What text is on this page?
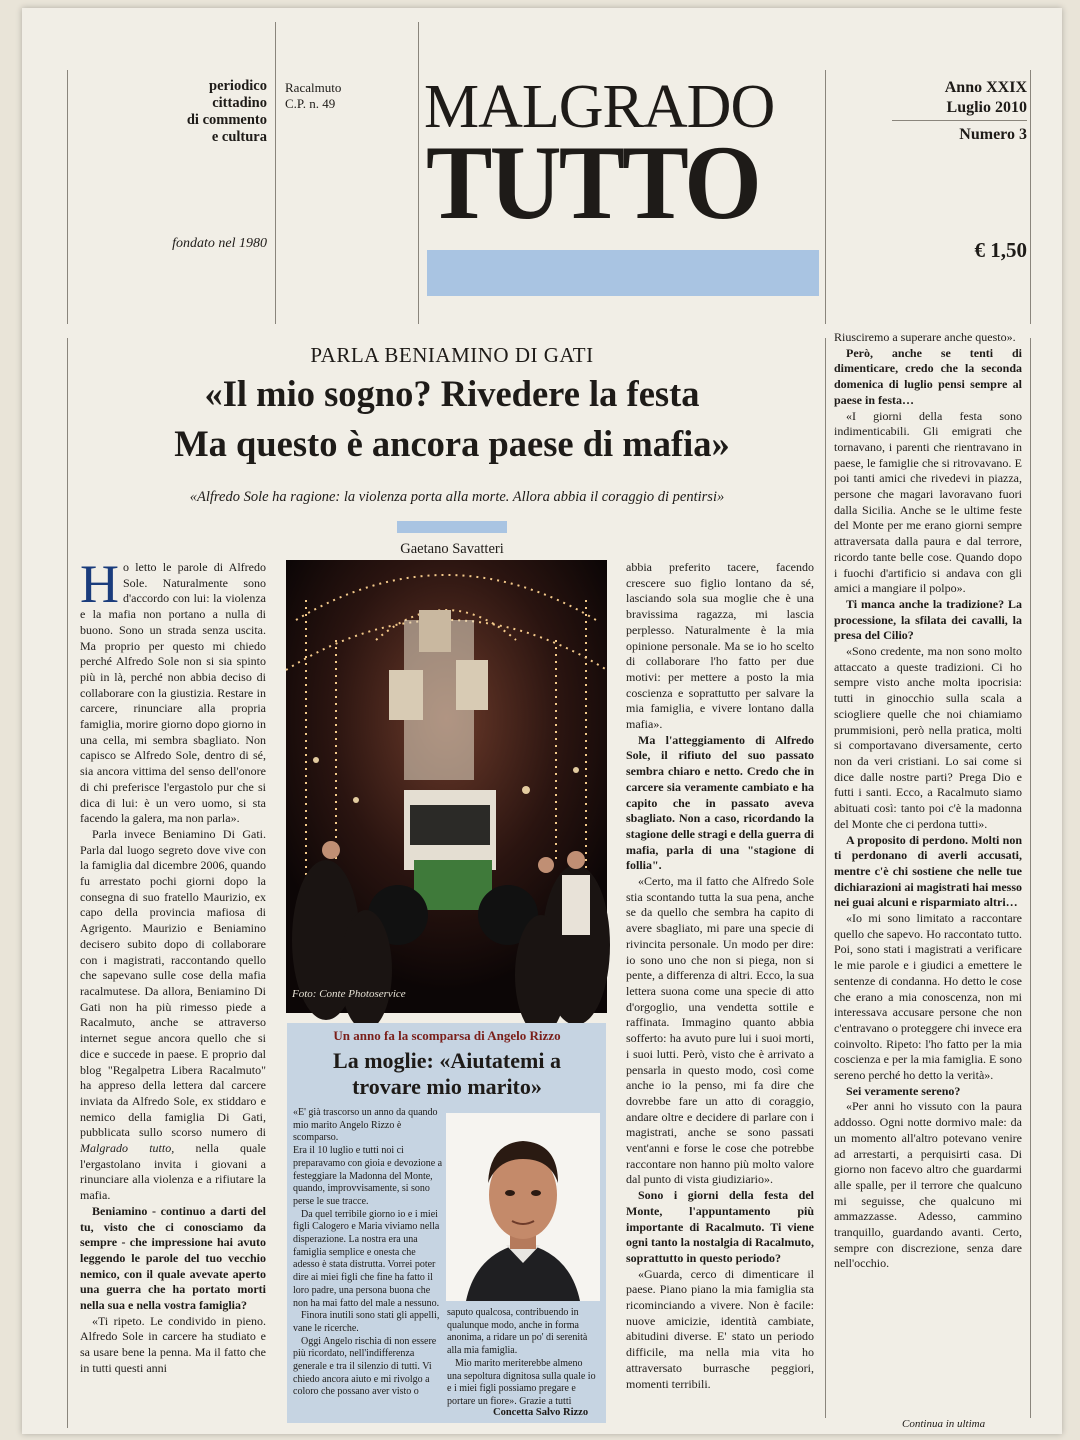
periodico
cittadino
di commento
e cultura
fondato nel 1980
Racalmuto
C.P. n. 49 MALGRADO
TUTTO
Anno XXIX
Luglio 2010
Numero 3
€ 1,50
PARLA BENIAMINO DI GATI
«Il mio sogno? Rivedere la festa
Ma questo è ancora paese di mafia»
«Alfredo Sole ha ragione: la violenza porta alla morte. Allora abbia il coraggio di pentirsi»
Gaetano Savatteri

Ho letto le parole di Alfredo Sole. Naturalmente sono d'accordo con lui: la violenza e la mafia non portano a nulla di buono. Sono un strada senza uscita. Ma proprio per questo mi chiedo perché Alfredo Sole non si sia spinto più in là, perché non abbia deciso di collaborare con la giustizia. Restare in carcere, rinunciare alla propria famiglia, morire giorno dopo giorno in una cella, mi sembra sbagliato. Non capisco se Alfredo Sole, dentro di sé, sia ancora vittima del senso dell'onore di chi preferisce l'ergastolo pur che si dica di lui: è un vero uomo, si sta facendo la galera, ma non parla».

Parla invece Beniamino Di Gati. Parla dal luogo segreto dove vive con la famiglia dal dicembre 2006, quando fu arrestato pochi giorni dopo la consegna di suo fratello Maurizio, ex capo della provincia mafiosa di Agrigento. Maurizio e Beniamino decisero subito dopo di collaborare con i magistrati, raccontando quello che sapevano sulle cose della mafia racalmutese. Da allora, Beniamino Di Gati non ha più rimesso piede a Racalmuto, anche se attraverso internet segue ancora quello che si dice e succede in paese. E proprio dal blog "Regalpetra Libera Racalmuto" ha appreso della lettera dal carcere inviata da Alfredo Sole, ex stiddaro e nemico della famiglia Di Gati, pubblicata sullo scorso numero di Malgrado tutto, nella quale l'ergastolano invita i giovani a rinunciare alla violenza e a rifiutare la mafia.

Beniamino - continuo a darti del tu, visto che ci conosciamo da sempre - che impressione hai avuto leggendo le parole del tuo vecchio nemico, con il quale avevate aperto una guerra che ha portato morti nella sua e nella vostra famiglia?

«Ti ripeto. Le condivido in pieno. Alfredo Sole in carcere ha studiato e sa usare bene la penna. Ma il fatto che in tutti questi anni

Foto: Conte Photoservice

abbia preferito tacere, facendo crescere suo figlio lontano da sé, lasciando sola sua moglie che è una bravissima ragazza, mi lascia perplesso. Naturalmente è la mia opinione personale. Ma se io ho scelto di collaborare l'ho fatto per due motivi: per mettere a posto la mia coscienza e soprattutto per salvare la mia famiglia, e vivere lontano dalla mafia».

Ma l'atteggiamento di Alfredo Sole, il rifiuto del suo passato sembra chiaro e netto. Credo che in carcere sia veramente cambiato e ha capito che in passato aveva sbagliato. Non a caso, ricordando la stagione delle stragi e della guerra di mafia, parla di una "stagione di follia".

«Certo, ma il fatto che Alfredo Sole stia scontando tutta la sua pena, anche se da quello che sembra ha capito di avere sbagliato, mi pare una specie di rivincita personale. Un modo per dire: io sono uno che non si piega, non si pente, a differenza di altri. Ecco, la sua lettera suona come una specie di atto d'orgoglio, una vendetta sottile e raffinata. Immagino quanto abbia sofferto: ha avuto pure lui i suoi morti, i suoi lutti. Però, visto che è arrivato a pensarla in questo modo, così come anche io la penso, mi fa dire che dovrebbe fare un atto di coraggio, andare oltre e decidere di parlare con i magistrati, anche se sono passati vent'anni e forse le cose che potrebbe raccontare non hanno più molto valore dal punto di vista giudiziario».

Sono i giorni della festa del Monte, l'appuntamento più importante di Racalmuto. Ti viene ogni tanto la nostalgia di Racalmuto, soprattutto in questo periodo?

«Guarda, cerco di dimenticare il paese. Piano piano la mia famiglia sta ricominciando a vivere. Non è facile: nuove amicizie, identità cambiate, abitudini diverse. E' stato un periodo difficile, ma nella mia vita ho attraversato burrasche peggiori, momenti terribili.

Riusciremo a superare anche questo».

Però, anche se tenti di dimenticare, credo che la seconda domenica di luglio pensi sempre al paese in festa…

«I giorni della festa sono indimenticabili. Gli emigrati che tornavano, i parenti che rientravano in paese, le famiglie che si ritrovavano. E poi tanti amici che rivedevi in piazza, persone che magari lavoravano fuori dalla Sicilia. Anche se le ultime feste del Monte per me erano giorni sempre attraversata dalla paura e dal terrore, ricordo tante belle cose. Quando dopo i fuochi d'artificio si andava con gli amici a mangiare il polpo».

Ti manca anche la tradizione? La processione, la sfilata dei cavalli, la presa del Cilio?

«Sono credente, ma non sono molto attaccato a queste tradizioni. Ci ho sempre visto anche molta ipocrisia: tutti in ginocchio sulla scala a sciogliere quelle che noi chiamiamo prummisioni, però nella pratica, molti si comportavano diversamente, certo non da veri cristiani. Lo sai come si dice dalle nostre parti? Prega Dio e futti i santi. Ecco, a Racalmuto siamo abituati così: tanto poi c'è la madonna del Monte che ci perdona tutti».

A proposito di perdono. Molti non ti perdonano di averli accusati, mentre c'è chi sostiene che nelle tue dichiarazioni ai magistrati hai messo nei guai alcuni e risparmiato altri…

«Io mi sono limitato a raccontare quello che sapevo. Ho raccontato tutto. Poi, sono stati i magistrati a verificare le mie parole e i giudici a emettere le sentenze di condanna. Ho detto le cose che erano a mia conoscenza, non mi interessava accusare persone che non c'entravano o proteggere chi invece era coinvolto. Ripeto: l'ho fatto per la mia coscienza e per la mia famiglia. E sono sereno perché ho detto la verità».

Sei veramente sereno?

«Per anni ho vissuto con la paura addosso. Ogni notte dormivo male: da un momento all'altro potevano venire ad arrestarti, a perquisirti casa. Di giorno non facevo altro che guardarmi alle spalle, per il terrore che qualcuno mi seguisse, che qualcuno mi ammazzasse. Adesso, cammino tranquillo, guardando avanti. Certo, sempre con discrezione, senza dare nell'occhio.

Continua in ultima
«E' già trascorso un anno da quando mio marito Angelo Rizzo è scomparso.
Era il 10 luglio e tutti noi ci preparavamo con gioia e devozione a festeggiare la Madonna del Monte, quando, improvvisamente, si sono perse le sue tracce.
Da quel terribile giorno io e i miei figli Calogero e Maria viviamo nella disperazione. La nostra era una famiglia semplice e onesta che adesso è stata distrutta. Vorrei poter dire ai miei figli che fine ha fatto il loro padre, una persona buona che non ha mai fatto del male a nessuno.
Finora inutili sono stati gli appelli, vane le ricerche.
Oggi Angelo rischia di non essere più ricordato, nell'indifferenza generale e tra il silenzio di tutti. Vi chiedo ancora aiuto e mi rivolgo a coloro che possano aver visto o
saputo qualcosa, contribuendo in qualunque modo, anche in forma anonima, a ridare un po' di serenità alla mia famiglia.
Mio marito meriterebbe almeno una sepoltura dignitosa sulla quale io e i miei figli possiamo pregare e portare un fiore». Grazie a tutti
Concetta Salvo Rizzo
Un anno fa la scomparsa di Angelo Rizzo
La moglie: «Aiutatemi a
trovare mio marito»
